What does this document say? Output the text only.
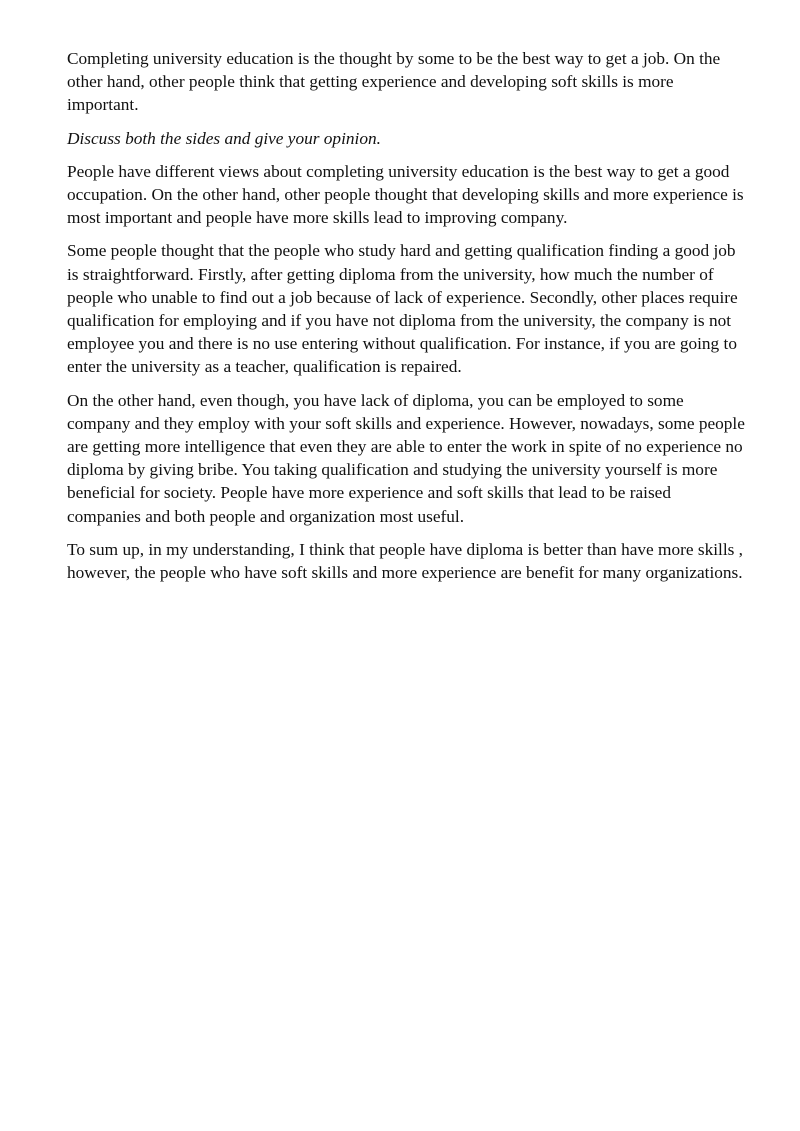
Completing university education is the thought by some to be the best way to get a job. On the other hand, other people think that getting experience and developing soft skills is more important.

Discuss both the sides and give your opinion.

People have different views about completing university education is the best way to get a good occupation. On the other hand, other people thought that developing skills and more experience is most important and people have more skills lead to improving company.

Some people thought that the people who study hard and getting qualification finding a good job is straightforward. Firstly, after getting diploma from the university, how much the number of people who unable to find out a job because of lack of experience. Secondly, other places require qualification for employing and if you have not diploma from the university, the company is not employee you and there is no use entering without qualification. For instance, if you are going to enter the university as a teacher, qualification is repaired.

On the other hand, even though, you have lack of diploma, you can be employed to some company and they employ with your soft skills and experience. However, nowadays, some people are getting more intelligence that even they are able to enter the work in spite of no experience no diploma by giving bribe. You taking qualification and studying the university yourself is more beneficial for society. People have more experience and soft skills that lead to be raised companies and both people and organization most useful.

To sum up, in my understanding, I think that people have diploma is better than have more skills , however, the people who have soft skills and more experience are benefit for many organizations.
